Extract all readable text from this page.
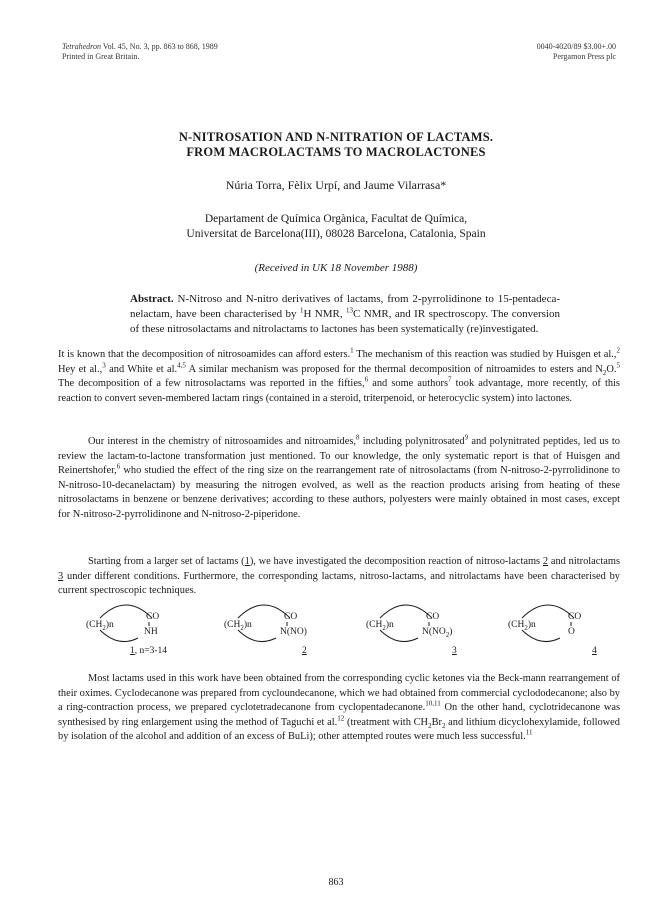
Tetrahedron Vol. 45, No. 3, pp. 863 to 868, 1989
Printed in Great Britain.
0040-4020/89 $3.00+.00
Pergamon Press plc
N-NITROSATION AND N-NITRATION OF LACTAMS.
FROM MACROLACTAMS TO MACROLACTONES
Núria Torra, Fèlix Urpí, and Jaume Vilarrasa*
Departament de Química Orgànica, Facultat de Química,
Universitat de Barcelona(III), 08028 Barcelona, Catalonia, Spain
(Received in UK 18 November 1988)
Abstract. N-Nitroso and N-nitro derivatives of lactams, from 2-pyrrolidinone to 15-pentadeca-nelactam, have been characterised by $^1$H NMR, $^{13}$C NMR, and IR spectroscopy. The conversion of these nitrosolactams and nitrolactams to lactones has been systematically (re)investigated.
It is known that the decomposition of nitrosoamides can afford esters.$^1$ The mechanism of this reaction was studied by Huisgen et al.,$^2$ Hey et al.,$^3$ and White et al.$^{4,5}$ A similar mechanism was proposed for the thermal decomposition of nitroamides to esters and $N_2O.^5$ The decomposition of a few nitrosolactams was reported in the fifties,$^6$ and some authors$^7$ took advantage, more recently, of this reaction to convert seven-membered lactam rings (contained in a steroid, triterpenoid, or heterocyclic system) into lactones.
Our interest in the chemistry of nitrosoamides and nitroamides,$^8$ including polynitrosated$^9$ and polynitrated peptides, led us to review the lactam-to-lactone transformation just mentioned. To our knowledge, the only systematic report is that of Huisgen and Reinertshofer,$^6$ who studied the effect of the ring size on the rearrangement rate of nitrosolactams (from N-nitroso-2-pyrrolidinone to N-nitroso-10-decanelactam) by measuring the nitrogen evolved, as well as the reaction products arising from heating of these nitrosolactams in benzene or benzene derivatives; according to these authors, polyesters were mainly obtained in most cases, except for N-nitroso-2-pyrrolidinone and N-nitroso-2-piperidone.
Starting from a larger set of lactams (1), we have investigated the decomposition reaction of nitroso-lactams 2 and nitrolactams 3 under different conditions. Furthermore, the corresponding lactams, nitroso-lactams, and nitrolactams have been characterised by current spectroscopic techniques.
CO
$(CH_2)n$
NH
1, n=3-14
CO
$(CH_2)n$
N(NO)
2
CO
$(CH_2)n$
$N(NO_2)$
3
CO
$(CH_2)n$
O
4
Most lactams used in this work have been obtained from the corresponding cyclic ketones via the Beck-mann rearrangement of their oximes. Cyclodecanone was prepared from cycloundecanone, which we had obtained from commercial cyclododecanone; also by a ring-contraction process, we prepared cyclotetradecanone from cyclopentadecanone.$^{10,11}$ On the other hand, cyclotridecanone was synthesised by ring enlargement using the method of Taguchi et al.$^{12}$ (treatment with $CH_2Br_2$ and lithium dicyclohexylamide, followed by isolation of the alcohol and addition of an excess of BuLi); other attempted routes were much less successful.$^{11}$
863
